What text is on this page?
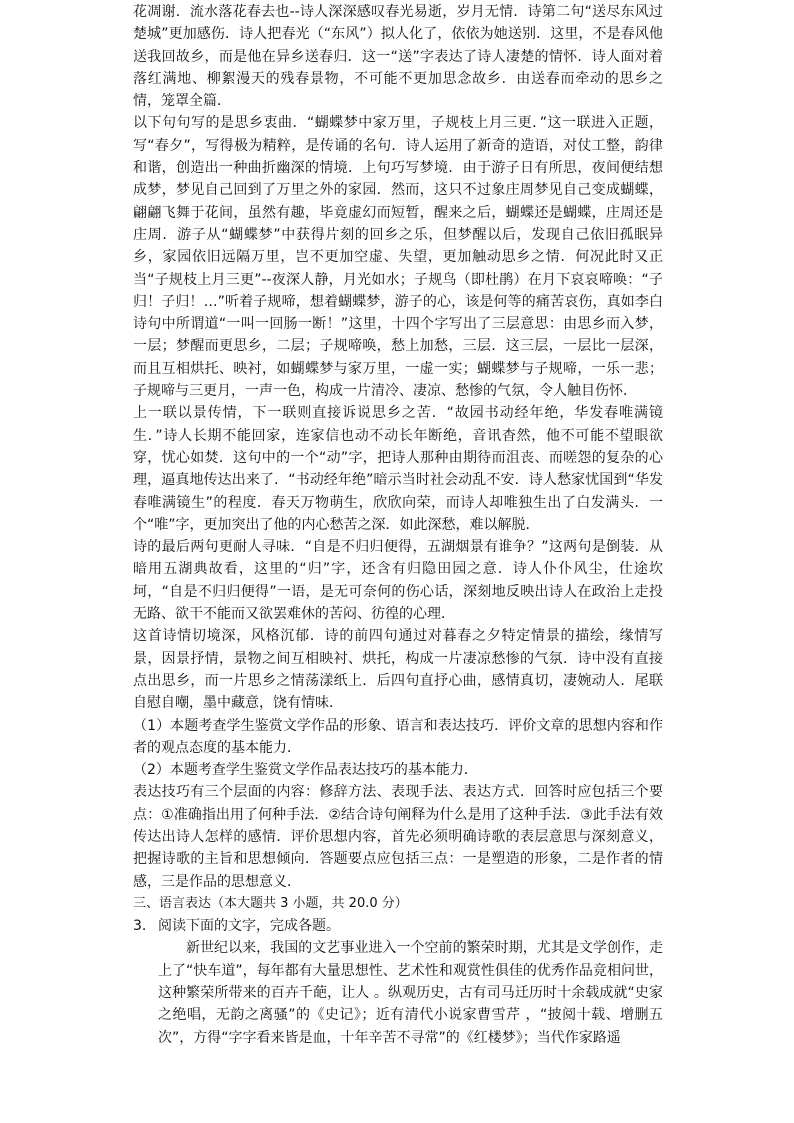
花凋谢．流水落花春去也--诗人深深感叹春光易逝，岁月无情．诗第二句“送尽东风过楚城”更加感伤．诗人把春光（“东风”）拟人化了，依依为她送别．这里，不是春风他送我回故乡，而是他在异乡送春归．这一“送”字表达了诗人凄楚的情怀．诗人面对着落红满地、柳絮漫天的残春景物，不可能不更加思念故乡．由送春而牵动的思乡之情，笼罩全篇．

以下句句写的是思乡衷曲．“蝴蝶梦中家万里，子规枝上月三更．”这一联进入正题，写“春夕”，写得极为精粹，是传诵的名句．诗人运用了新奇的造语，对仗工整，韵律和谐，创造出一种曲折幽深的情境．上句巧写梦境．由于游子日有所思，夜间便结想成梦，梦见自己回到了万里之外的家园．然而，这只不过象庄周梦见自己变成蝴蝶，翩翩飞舞于花间，虽然有趣，毕竟虚幻而短暂，醒来之后，蝴蝶还是蝴蝶，庄周还是庄周．游子从“蝴蝶梦”中获得片刻的回乡之乐，但梦醒以后，发现自己依旧孤眠异乡，家园依旧远隔万里，岂不更加空虚、失望，更加触动思乡之情．何况此时又正当“子规枝上月三更”--夜深人静，月光如水；子规鸟（即杜鹃）在月下哀哀啼唤：“子归！子归！…”听着子规啼，想着蝴蝶梦，游子的心，该是何等的痛苦哀伤，真如李白诗句中所谓道“一叫一回肠一断！”这里，十四个字写出了三层意思：由思乡而入梦，一层；梦醒而更思乡，二层；子规啼唤，愁上加愁，三层．这三层，一层比一层深，而且互相烘托、映衬，如蝴蝶梦与家万里，一虚一实；蝴蝶梦与子规啼，一乐一悲；子规啼与三更月，一声一色，构成一片清冷、凄凉、愁惨的气氛，令人触目伤怀．

上一联以景传情，下一联则直接诉说思乡之苦．“故园书动经年绝，华发春唯满镜生．”诗人长期不能回家，连家信也动不动长年断绝，音讯杳然，他不可能不望眼欲穿，忧心如焚．这句中的一个“动”字，把诗人那种由期待而沮丧、而嗟怨的复杂的心理，逼真地传达出来了．“书动经年绝”暗示当时社会动乱不安．诗人愁家忧国到“华发春唯满镜生”的程度．春天万物萌生，欣欣向荣，而诗人却唯独生出了白发满头．一个“唯”字，更加突出了他的内心愁苦之深．如此深愁，难以解脱．

诗的最后两句更耐人寻味．“自是不归归便得，五湖烟景有谁争？”这两句是倒装．从暗用五湖典故看，这里的“归”字，还含有归隐田园之意．诗人仆仆风尘，仕途坎坷，“自是不归归便得”一语，是无可奈何的伤心话，深刻地反映出诗人在政治上走投无路、欲干不能而又欲罢难休的苦闷、彷徨的心理．

这首诗情切境深，风格沉郁．诗的前四句通过对暮春之夕特定情景的描绘，缘情写景，因景抒情，景物之间互相映衬、烘托，构成一片凄凉愁惨的气氛．诗中没有直接点出思乡，而一片思乡之情荡漾纸上．后四句直抒心曲，感情真切，凄婉动人．尾联自慰自嘲，墨中藏意，饶有情味．

（1）本题考查学生鉴赏文学作品的形象、语言和表达技巧．评价文章的思想内容和作者的观点态度的基本能力．

（2）本题考查学生鉴赏文学作品表达技巧的基本能力．

表达技巧有三个层面的内容：修辞方法、表现手法、表达方式．回答时应包括三个要点：①准确指出用了何种手法．②结合诗句阐释为什么是用了这种手法．③此手法有效传达出诗人怎样的感情．评价思想内容，首先必须明确诗歌的表层意思与深刻意义，把握诗歌的主旨和思想倾向．答题要点应包括三点：一是塑造的形象，二是作者的情感，三是作品的思想意义．

三、语言表达（本大题共 3 小题，共 20.0 分）

3. 阅读下面的文字，完成各题。

新世纪以来，我国的文艺事业进入一个空前的繁荣时期，尤其是文学创作，走上了“快车道”，每年都有大量思想性、艺术性和观赏性俱佳的优秀作品竞相问世，这种繁荣所带来的百卉千葩，让人 。纵观历史，古有司马迁历时十余载成就“史家之绝唱，无韵之离骚”的《史记》；近有清代小说家曹雪芹 ，“披阅十载、增删五次”，方得“字字看来皆是血，十年辛苦不寻常”的《红楼梦》；当代作家路遥
